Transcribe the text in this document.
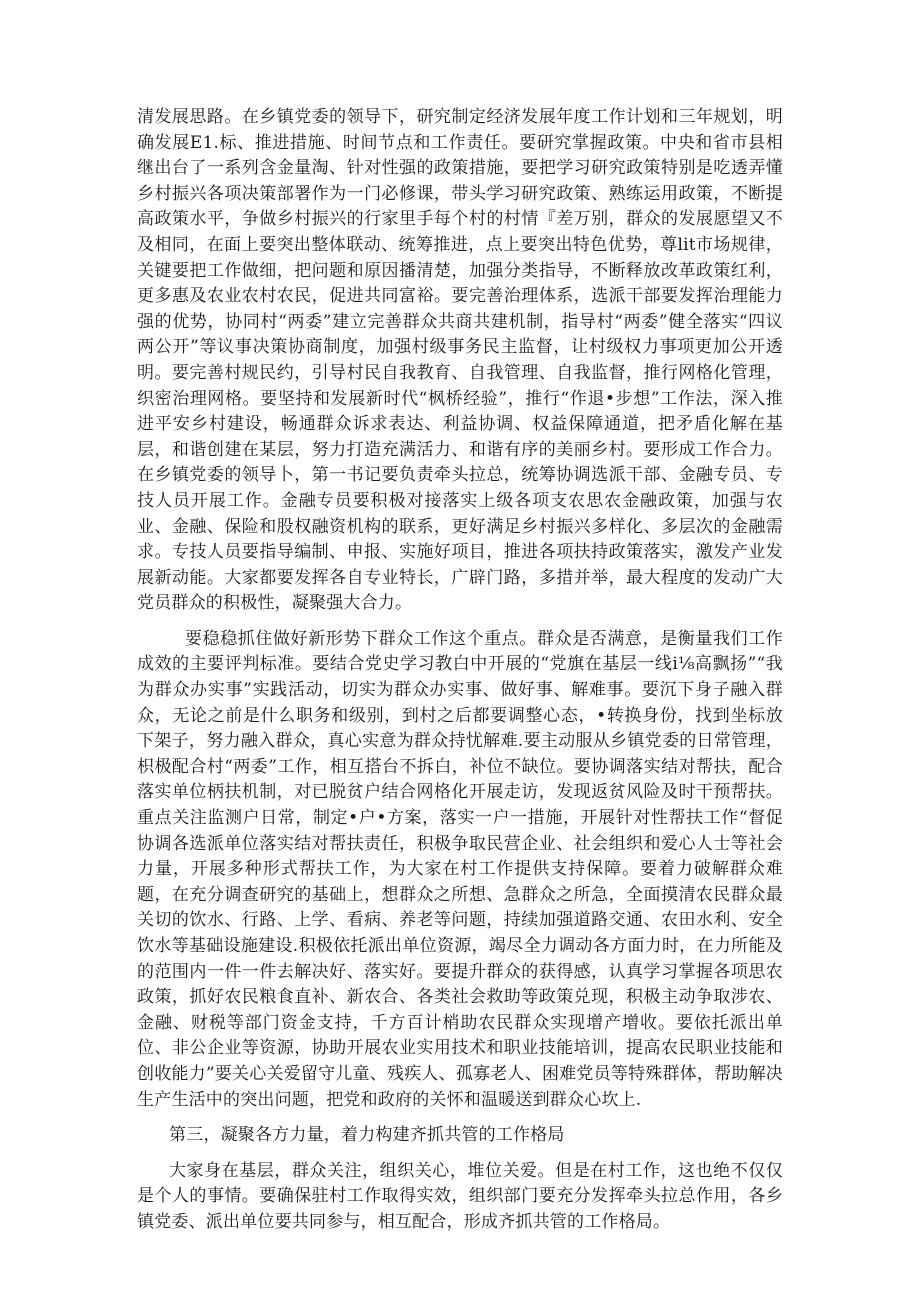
清发展思路。在乡镇党委的领导下，研究制定经济发展年度工作计划和三年规划，明确发展E1.标、推进措施、时间节点和工作责任。要研究掌握政策。中央和省市县相继出台了一系列含金量淘、针对性强的政策措施，要把学习研究政策特别是吃透弄懂乡村振兴各项决策部署作为一门必修课，带头学习研究政策、熟练运用政策，不断提高政策水平，争做乡村振兴的行家里手每个村的村情『差万别，群众的发展愿望又不及相同，在面上要突出整体联动、统筹推进，点上要突出特色优势，尊lit市场规律，关键要把工作做细，把问题和原因播清楚，加强分类指导，不断释放改革政策红利，更多惠及农业农村农民，促进共同富裕。要完善治理体系，选派干部要发挥治理能力强的优势，协同村“两委”建立完善群众共商共建机制，指导村“两委”健全落实“四议两公开”等议事决策协商制度，加强村级事务民主监督，让村级权力事项更加公开透明。要完善村规民约，引导村民自我教育、自我管理、自我监督，推行网格化管理，织密治理网格。要坚持和发展新时代“枫桥经验”，推行“作退•步想”工作法，深入推进平安乡村建设，畅通群众诉求表达、利益协调、权益保障通道，把矛盾化解在基层，和谐创建在某层，努力打造充满活力、和谐有序的美丽乡村。要形成工作合力。在乡镇党委的领导卜，第一书记要负责牵头拉总，统筹协调选派干部、金融专员、专技人员开展工作。金融专员要积极对接落实上级各项支农思农金融政策，加强与农业、金融、保险和股权融资机构的联系，更好满足乡村振兴多样化、多层次的金融需求。专技人员要指导编制、申报、实施好项目，推进各项扶持政策落实，激发产业发展新动能。大家都要发挥各自专业特长，广辟门路，多措并举，最大程度的发动广大党员群众的积极性，凝聚强大合力。

要稳稳抓住做好新形势下群众工作这个重点。群众是否满意，是衡量我们工作成效的主要评判标准。要结合党史学习教白中开展的“党旗在基层一线i⅛高飘扬”“我为群众办实事”实践活动，切实为群众办实事、做好事、解难事。要沉下身子融入群众，无论之前是什么职务和级别，到村之后都要调整心态，•转换身份，找到坐标放下架子，努力融入群众，真心实意为群众持忧解难.要主动服从乡镇党委的日常管理，枳极配合村“两委”工作，相互搭台不拆白，补位不缺位。要协调落实结对帮扶，配合落实单位柄扶机制，对已脱贫户结合网格化开展走访，发现返贫风险及时干预帮扶。重点关注监测户日常，制定•户•方案，落实一户一措施，开展针对性帮扶工作“督促协调各选派单位落实结对帮扶责任，积极争取民营企业、社会组织和爱心人士等社会力量，开展多种形式帮扶工作，为大家在村工作提供支持保障。要着力破解群众难题，在充分调查研究的基础上，想群众之所想、急群众之所急，全面摸清农民群众最关切的饮水、行路、上学、看病、养老等问题，持续加强道路交通、农田水利、安全饮水等基础设施建设.积极依托派出单位资源，竭尽全力调动各方面力时，在力所能及的范围内一件一件去解决好、落实好。要提升群众的获得感，认真学习掌握各项思农政策，抓好农民粮食直补、新农合、各类社会救助等政策兑现，积极主动争取涉农、金融、财税等部门资金支持，千方百计梢助农民群众实现增产增收。要依托派出单位、非公企业等资源，协助开展农业实用技术和职业技能培训，提高农民职业技能和创收能力”要关心关爱留守儿童、残疾人、孤寡老人、困难党员等特殊群体，帮助解决生产生活中的突出问题，把党和政府的关怀和温暖送到群众心坎上.

第三，凝聚各方力量，着力构建齐抓共管的工作格局

大家身在基层，群众关注，组织关心，堆位关爱。但是在村工作，这也绝不仅仅是个人的事情。要确保驻村工作取得实效，组织部门要充分发挥牵头拉总作用，各乡镇党委、派出单位要共同参与，相互配合，形成齐抓共管的工作格局。
